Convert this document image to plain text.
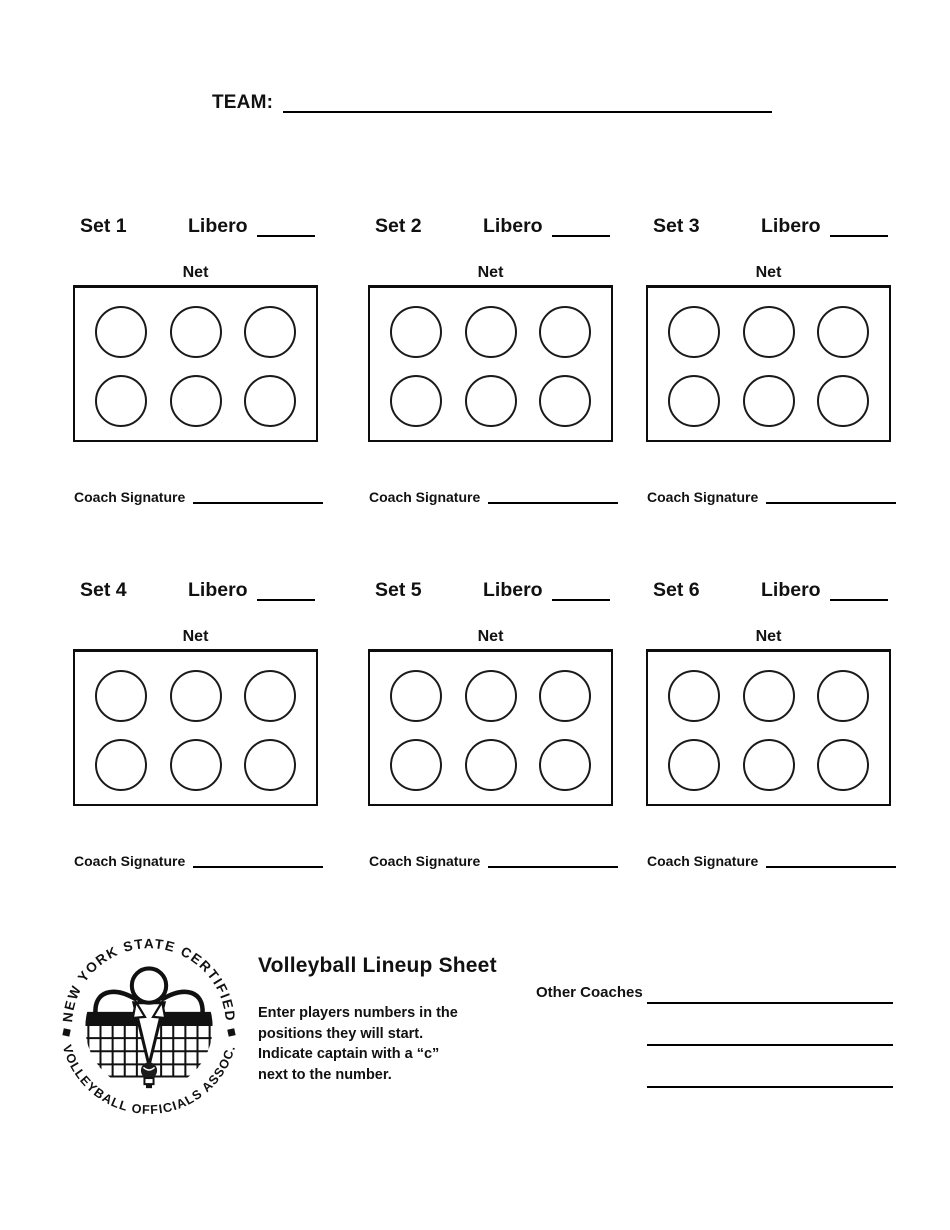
TEAM:
Set 1	Libero
Net
Coach Signature
Set 2	Libero
Net
Coach Signature
Set 3	Libero
Net
Coach Signature
Set 4	Libero
Net
Coach Signature
Set 5	Libero
Net
Coach Signature
Set 6	Libero
Net
Coach Signature
NEW YORK STATE CERTIFIED
VOLLEYBALL OFFICIALS ASSOC.
Volleyball Lineup Sheet
Enter players numbers in the
positions they will start.
Indicate captain with a “c”
next to the number.
Other Coaches
